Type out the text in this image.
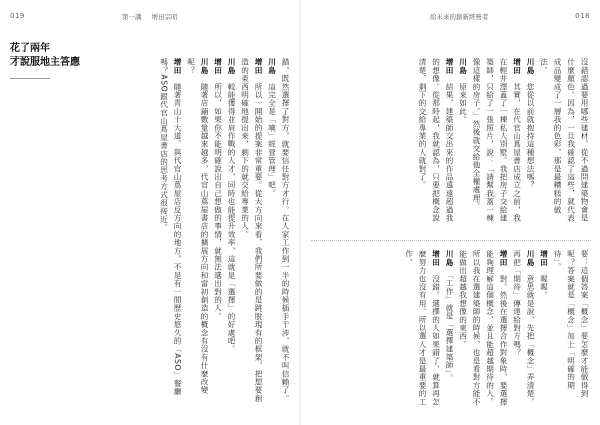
019	第一講 增田宗昭
花了兩年
才說服地主答應	錯，既然選擇了對方，就要信任對方才行。在人家工作到一半的時候插手干涉，就不叫信賴了。
川島　這完全是「嘀」經營管理」吧。
增田　所以一開始的提案非常重要。從大方向來看，我們所要做的是跳脫現有的框架，把想要創造的東西明確地提出來，剩下的就交給專業的人。
川島　較能獲得並肩作戰的人才，同時也能提升效率，這就是「選擇」的好處吧。
增田　所以，如果你不能明確說出自己想做的事情，就無法選出對的人。
川島　隨著店鋪數量越來越多，代官山蔦屋書店的擴展方向和當初創造的概念有沒有什麼改變呢？
增田　隨著青山十大道、與代官山蔦屋店反方向的地方，不是有一間歷史悠久的「ASO」餐廳嗎？ASO跟代官山蔦屋書店的思考方式很接近。
給未來的創新經營者	018
沒錯認過要用哪些建材，從不過問建築物會是什麼顏色。因為，一旦我確認了這些，就代表成品變成了一層我的色彩，那是最糟糕的做法。
川島　您從以前就抱持這種想法嗎？
增田　其實，在代官山蔦屋書店成立之前，我在輕井澤蓋了一棟私人別墅。我把房子交給建築師，只給了一張照片，說：「請幫我蓋一棟像這樣的房子。」然後就交給他全權處理。
川島　原來如此。
增田　結果，建築師交出來的作品遠遠超過我的想像。從那時起，我就認為，只要把概念說清楚，剩下的交給專業的人就對了。
要：這個答案「概念」要怎麼才能做得到呢？答案就是「概念」加上「明確的期待」。
增田　喔喔。
川島　意思就是說，先把「概念」弄清楚，再把「期待」傳達給對方嗎？
增田　對。然後在選擇合作對象時，要選擇能夠理解這個概念、並且能超越期待的人。所以我在選建築師的時候，也是看對方能不能做出超越我想像的東西。
川島　「工作」就是「選擇建築師」。
增田　沒錯。選擇的人如果錯了，就算再怎麼努力也沒有用。所以選人才是最重要的工作。
